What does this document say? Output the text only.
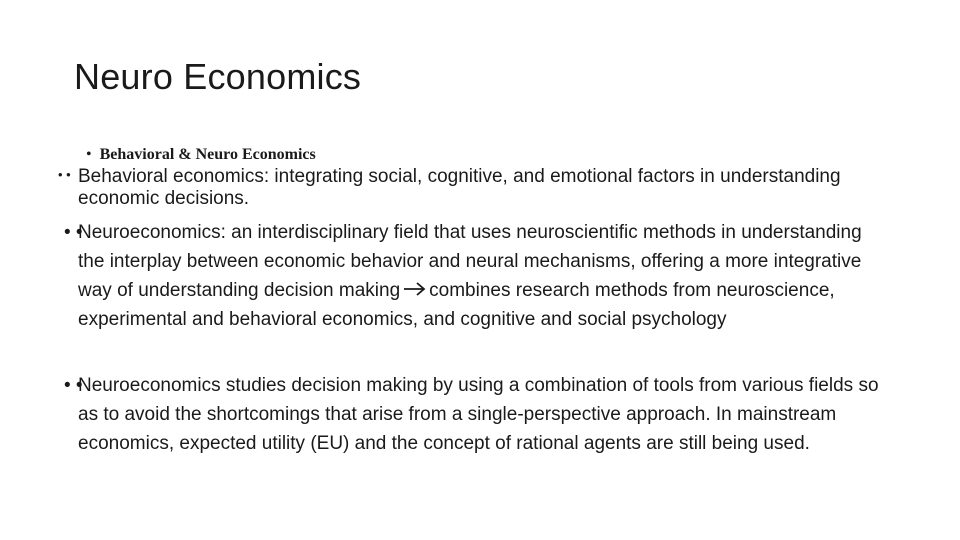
Neuro Economics
• Behavioral & Neuro Economics
• • Behavioral economics: integrating social, cognitive, and emotional factors in understanding economic decisions.
• •
Neuroeconomics: an interdisciplinary field that uses neuroscientific methods in understanding the interplay between economic behavior and neural mechanisms, offering a more integrative way of understanding decision making combines research methods from neuroscience, experimental and behavioral economics, and cognitive and social psychology
• •
Neuroeconomics studies decision making by using a combination of tools from various fields so as to avoid the shortcomings that arise from a single-perspective approach. In mainstream economics, expected utility (EU) and the concept of rational agents are still being used.
